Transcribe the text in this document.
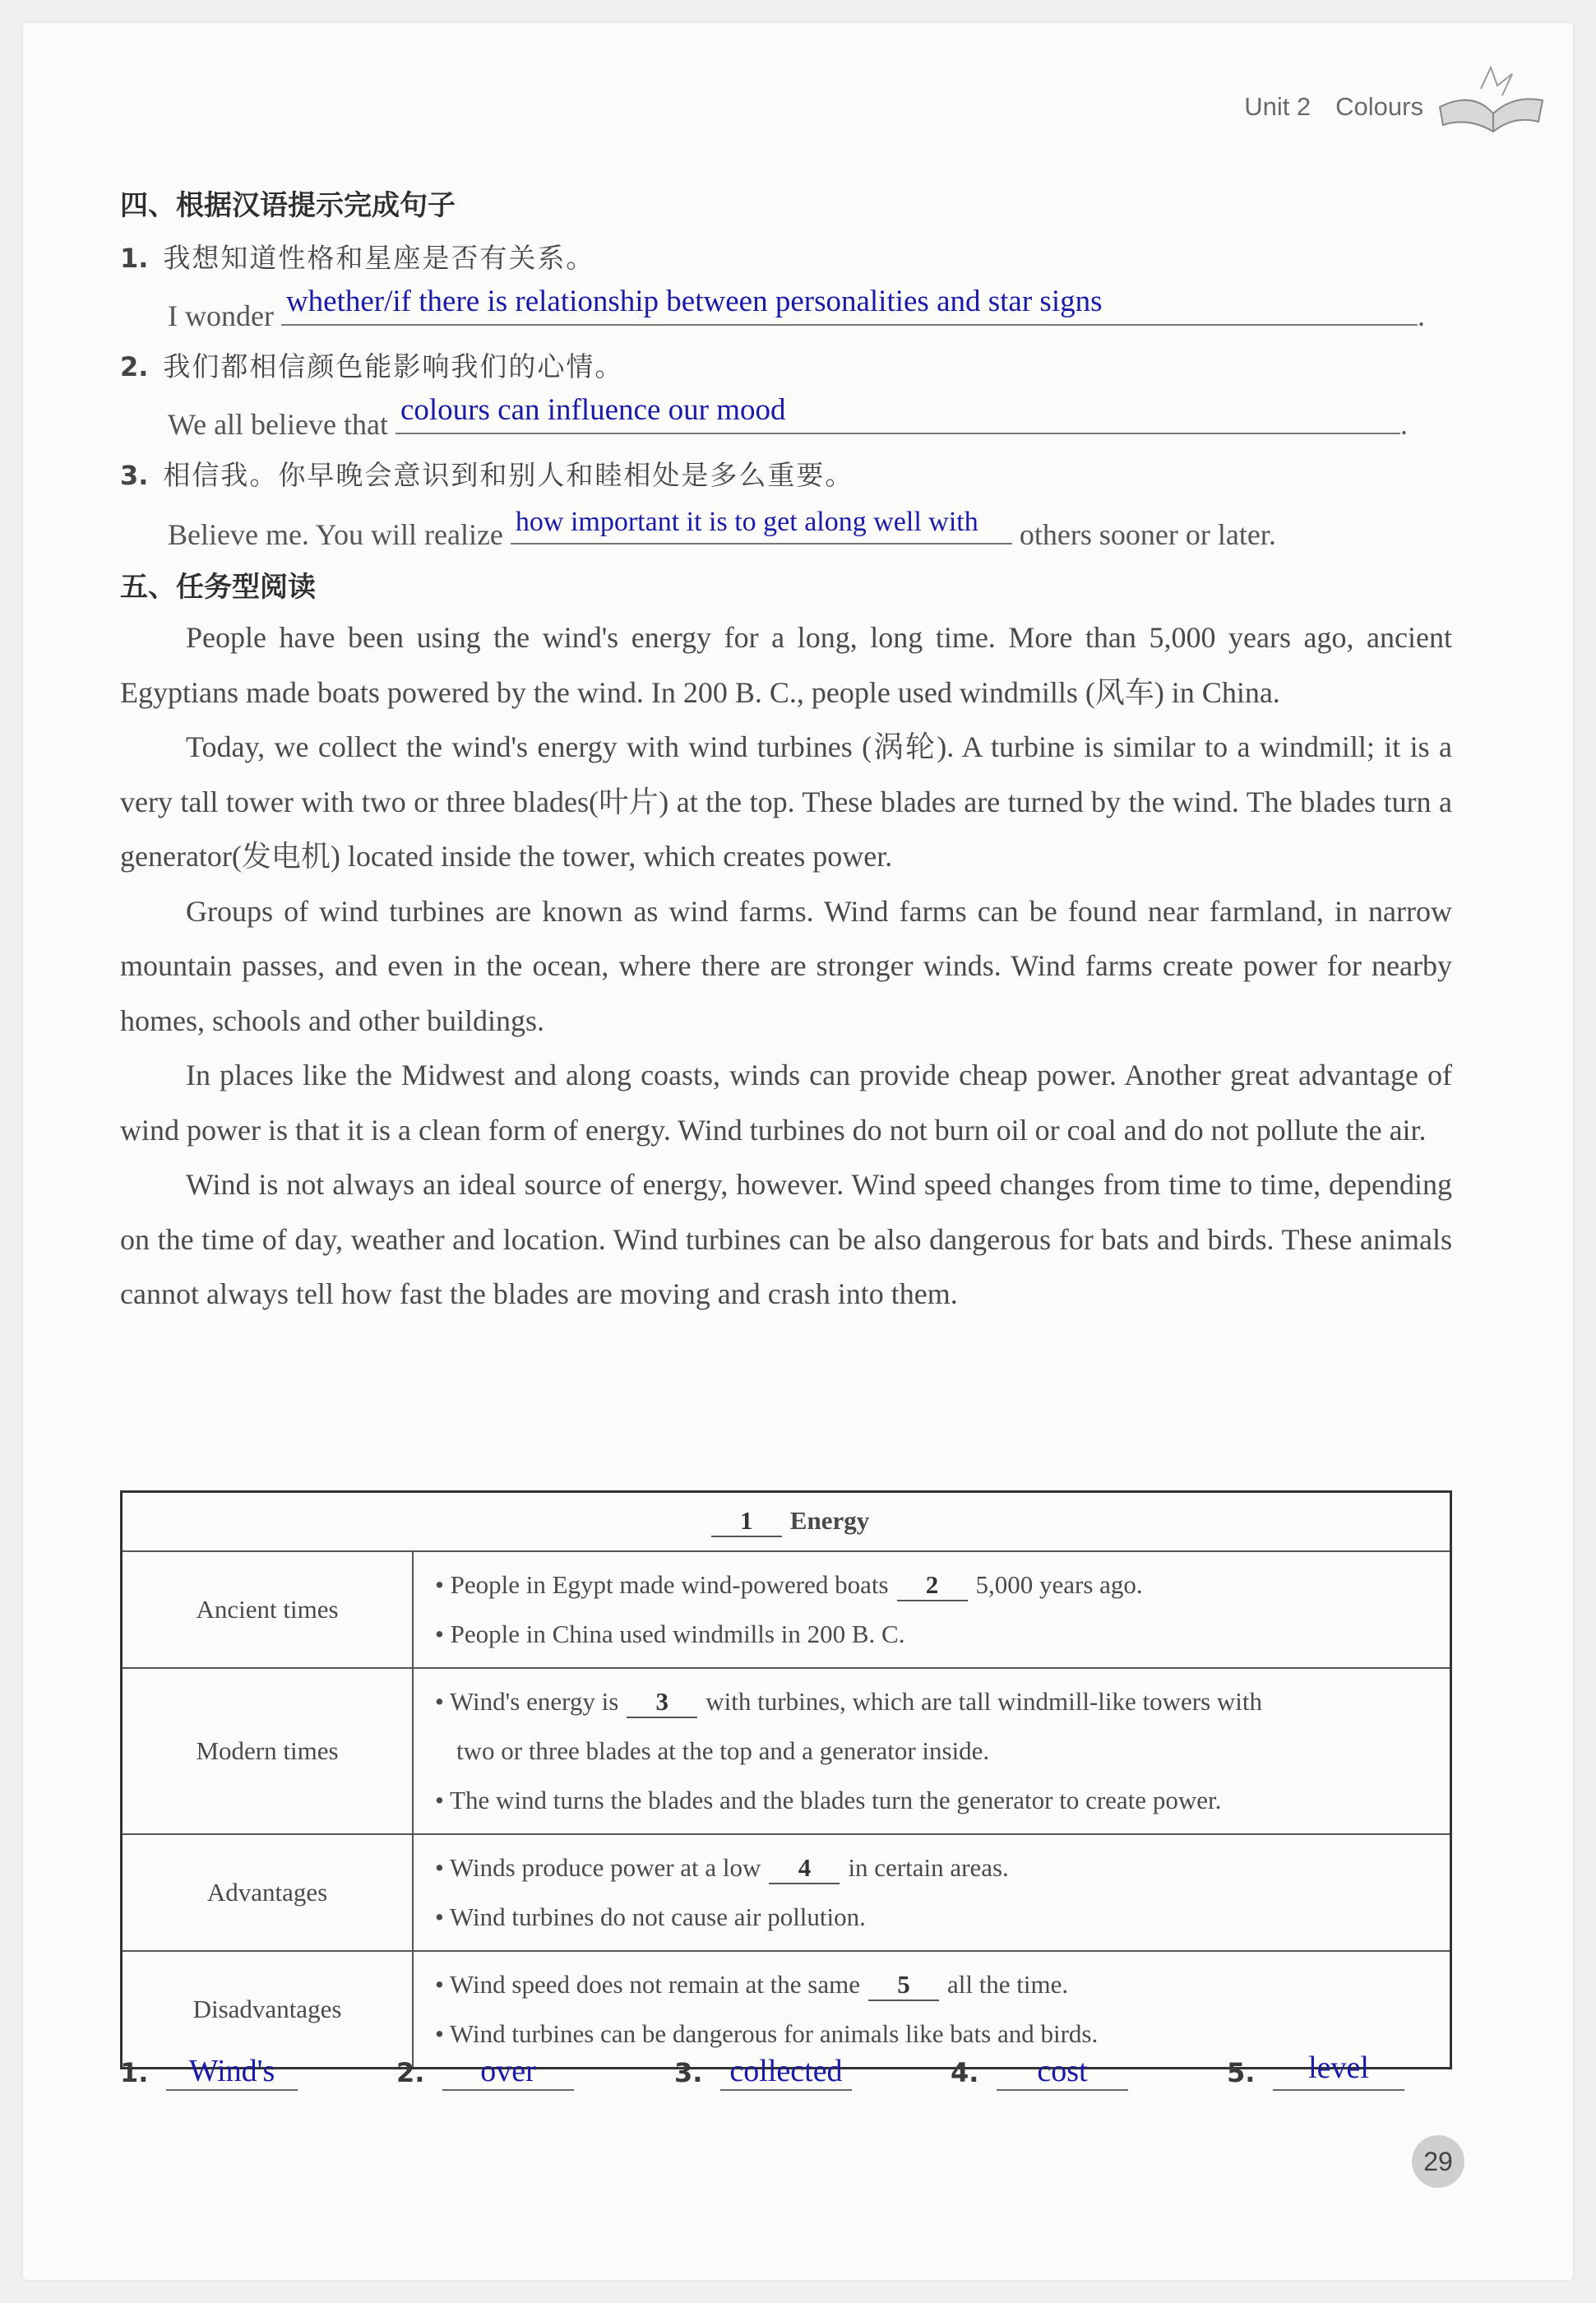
Unit 2 Colours
四、根据汉语提示完成句子
1. 我想知道性格和星座是否有关系。
I wonder whether/if there is relationship between personalities and star signs	.
2. 我们都相信颜色能影响我们的心情。
We all believe that colours can influence our mood	.
3. 相信我。你早晚会意识到和别人和睦相处是多么重要。
Believe me. You will realize how important it is to get along well with others sooner or later.
五、任务型阅读

People have been using the wind's energy for a long, long time. More than 5,000 years ago, ancient Egyptians made boats powered by the wind. In 200 B. C., people used windmills (风车) in China.

Today, we collect the wind's energy with wind turbines (涡轮). A turbine is similar to a windmill; it is a very tall tower with two or three blades(叶片) at the top. These blades are turned by the wind. The blades turn a generator(发电机) located inside the tower, which creates power.

Groups of wind turbines are known as wind farms. Wind farms can be found near farmland, in narrow mountain passes, and even in the ocean, where there are stronger winds. Wind farms create power for nearby homes, schools and other buildings.

In places like the Midwest and along coasts, winds can provide cheap power. Another great advantage of wind power is that it is a clean form of energy. Wind turbines do not burn oil or coal and do not pollute the air.

Wind is not always an ideal source of energy, however. Wind speed changes from time to time, depending on the time of day, weather and location. Wind turbines can be also dangerous for bats and birds. These animals cannot always tell how fast the blades are moving and crash into them.

1 Energy	
Ancient times	• People in Egypt made wind-powered boats 2 5,000 years ago.
• People in China used windmills in 200 B. C.
Modern times	• Wind's energy is 3 with turbines, which are tall windmill-like towers with
two or three blades at the top and a generator inside.
• The wind turns the blades and the blades turn the generator to create power.
Advantages	• Winds produce power at a low 4 in certain areas.
• Wind turbines do not cause air pollution.
Disadvantages	• Wind speed does not remain at the same 5 all the time.
• Wind turbines can be dangerous for animals like bats and birds.
1.	Wind's	2.	over	3. collected	4.	cost	5.	level
29
